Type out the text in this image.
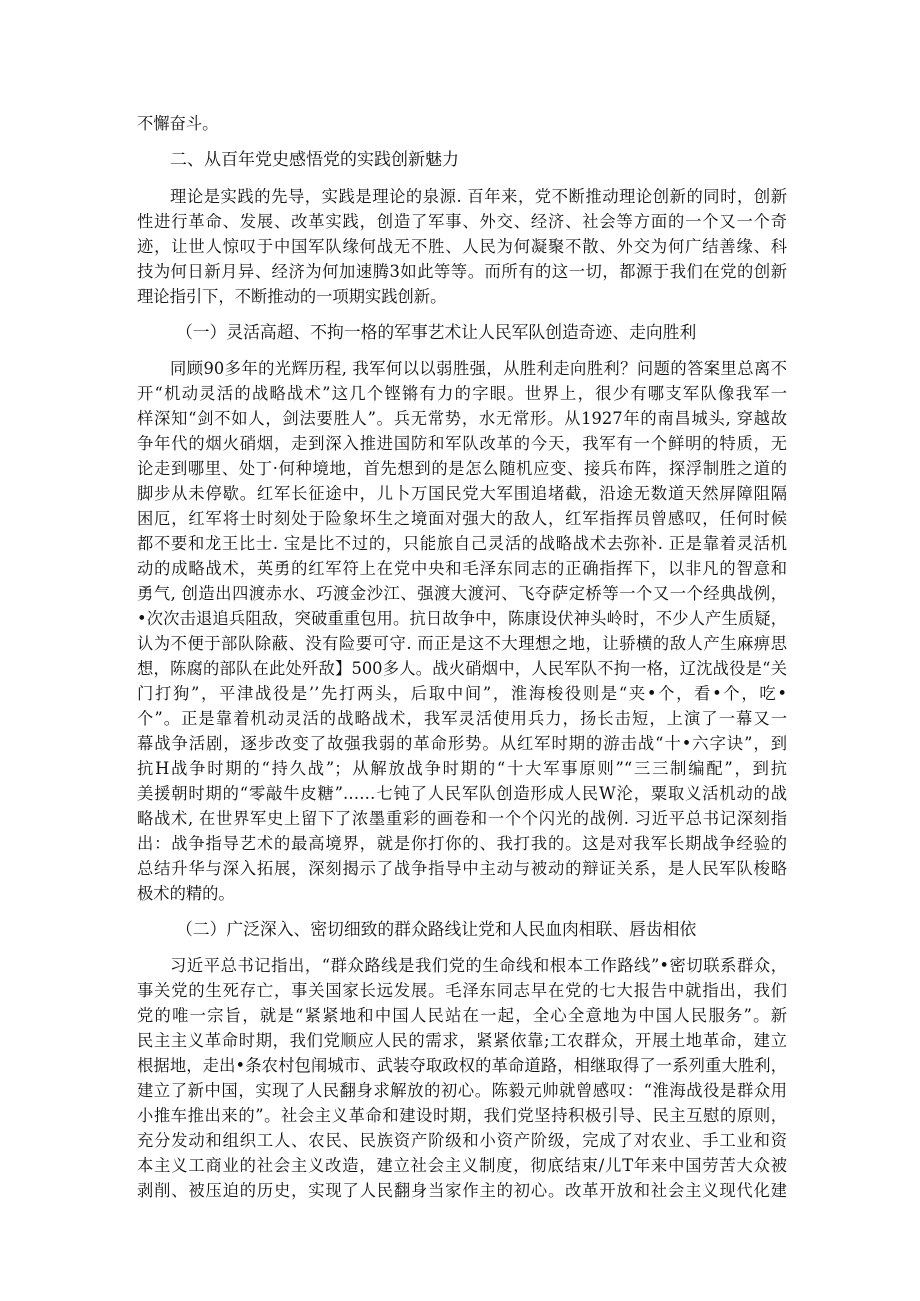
不懈奋斗。
二、从百年党史感悟党的实践创新魅力
理论是实践的先导，实践是理论的泉源. 百年来，党不断推动理论创新的同时，创新
性进行革命、发展、改革实践，创造了军事、外交、经济、社会等方面的一个又一个奇
迹，让世人惊叹于中国军队缘何战无不胜、人民为何凝聚不散、外交为何广结善缘、科
技为何日新月异、经济为何加速腾3如此等等。而所有的这一切，都源于我们在党的创新
理论指引下，不断推动的一项期实践创新。
（一）灵活高超、不拘一格的军事艺术让人民军队创造奇迹、走向胜利
同顾90多年的光辉历程, 我军何以以弱胜强，从胜利走向胜利？问题的答案里总离不
开“机动灵活的战略战术”这几个铿锵有力的字眼。世界上，很少有哪支军队像我军一
样深知“剑不如人，剑法要胜人”。兵无常势，水无常形。从1927年的南昌城头, 穿越故
争年代的烟火硝烟，走到深入推进国防和军队改革的今天，我军有一个鲜明的特质，无
论走到哪里、处丁·何种境地，首先想到的是怎么随机应变、接兵布阵，探浮制胜之道的
脚步从未停歇。红军长征途中，儿卜万国民党大军围追堵截，沿途无数道天然屏障阻隔
困厄，红军将士时刻处于险象坏生之境面对强大的敌人，红军指挥员曾感叹，任何时候
都不要和龙王比士. 宝是比不过的，只能旅自己灵活的战略战术去弥补. 正是靠着灵活机
动的成略战术，英勇的红军符上在党中央和毛泽东同志的正确指挥下，以非凡的智意和
勇气, 创造出四渡赤水、巧渡金沙江、强渡大渡河、飞夺萨定桥等一个又一个经典战例，
•次次击退追兵阻敌，突破重重包用。抗日故争中，陈康设伏神头岭时，不少人产生质疑，
认为不便于部队除蔽、没有险要可守. 而正是这不大理想之地，让骄横的敌人产生麻痹思
想，陈腐的部队在此处歼敌】500多人。战火硝烟中，人民军队不拘一格，辽沈战役是“关
门打狗”，平津战役是’’先打两头，后取中间”，淮海梭役则是“夹•个，看•个，吃•
个”。正是靠着机动灵活的战略战术，我军灵活使用兵力，扬长击短，上演了一幕又一
幕战争活剧，逐步改变了故强我弱的革命形势。从红军时期的游击战“十•六字诀”，到
抗H战争时期的“持久战”；从解放战争时期的“十大军事原则”“三三制编配”，到抗
美援朝时期的“零敲牛皮糖”……七钝了人民军队创造形成人民W沦，粟取义活机动的战
略战术, 在世界军史上留下了浓墨重彩的画卷和一个个闪光的战例. 习近平总书记深刻指
出：战争指导艺术的最高境界，就是你打你的、我打我的。这是对我军长期战争经验的
总结升华与深入拓展，深刻揭示了战争指导中主动与被动的辩证关系，是人民军队梭略
极术的精的。
（二）广泛深入、密切细致的群众路线让党和人民血肉相联、唇齿相依
习近平总书记指出，“群众路线是我们党的生命线和根本工作路线”•密切联系群众，
事关党的生死存亡，事关国家长远发展。毛泽东同志早在党的七大报告中就指出，我们
党的唯一宗旨，就是“紧紧地和中国人民站在一起，全心全意地为中国人民服务”。新
民主主义革命时期，我们党顺应人民的需求，紧紧依靠;工农群众，开展土地革命，建立
根据地，走出•条农村包闱城市、武装夺取政权的革命道路，相继取得了一系列重大胜利，
建立了新中国，实现了人民翻身求解放的初心。陈毅元帅就曾感叹：“淮海战役是群众用
小推车推出来的”。社会主义革命和建设时期，我们党坚持积极引导、民主互慰的原则，
充分发动和组织工人、农民、民族资产阶级和小资产阶级，完成了对农业、手工业和资
本主义工商业的社会主义改造，建立社会主义制度，彻底结束/儿T年来中国劳苦大众被
剥削、被压迫的历史，实现了人民翻身当家作主的初心。改革开放和社会主义现代化建
